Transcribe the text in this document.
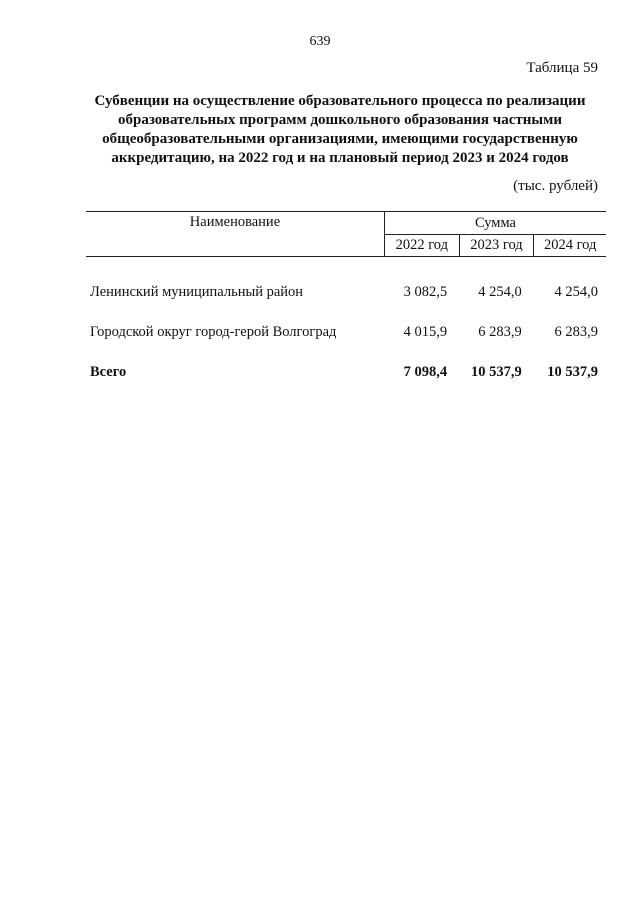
639
Таблица 59
Субвенции на осуществление образовательного процесса по реализации
образовательных программ дошкольного образования частными
общеобразовательными организациями, имеющими государственную
аккредитацию, на 2022 год и на плановый период 2023 и 2024 годов
(тыс. рублей)
Наименование	Сумма		
	2022 год	2023 год	2024 год

Ленинский муниципальный район	3 082,5	4 254,0	4 254,0
Городской округ город-герой Волгоград	4 015,9	6 283,9	6 283,9
Всего	7 098,4	10 537,9	10 537,9
